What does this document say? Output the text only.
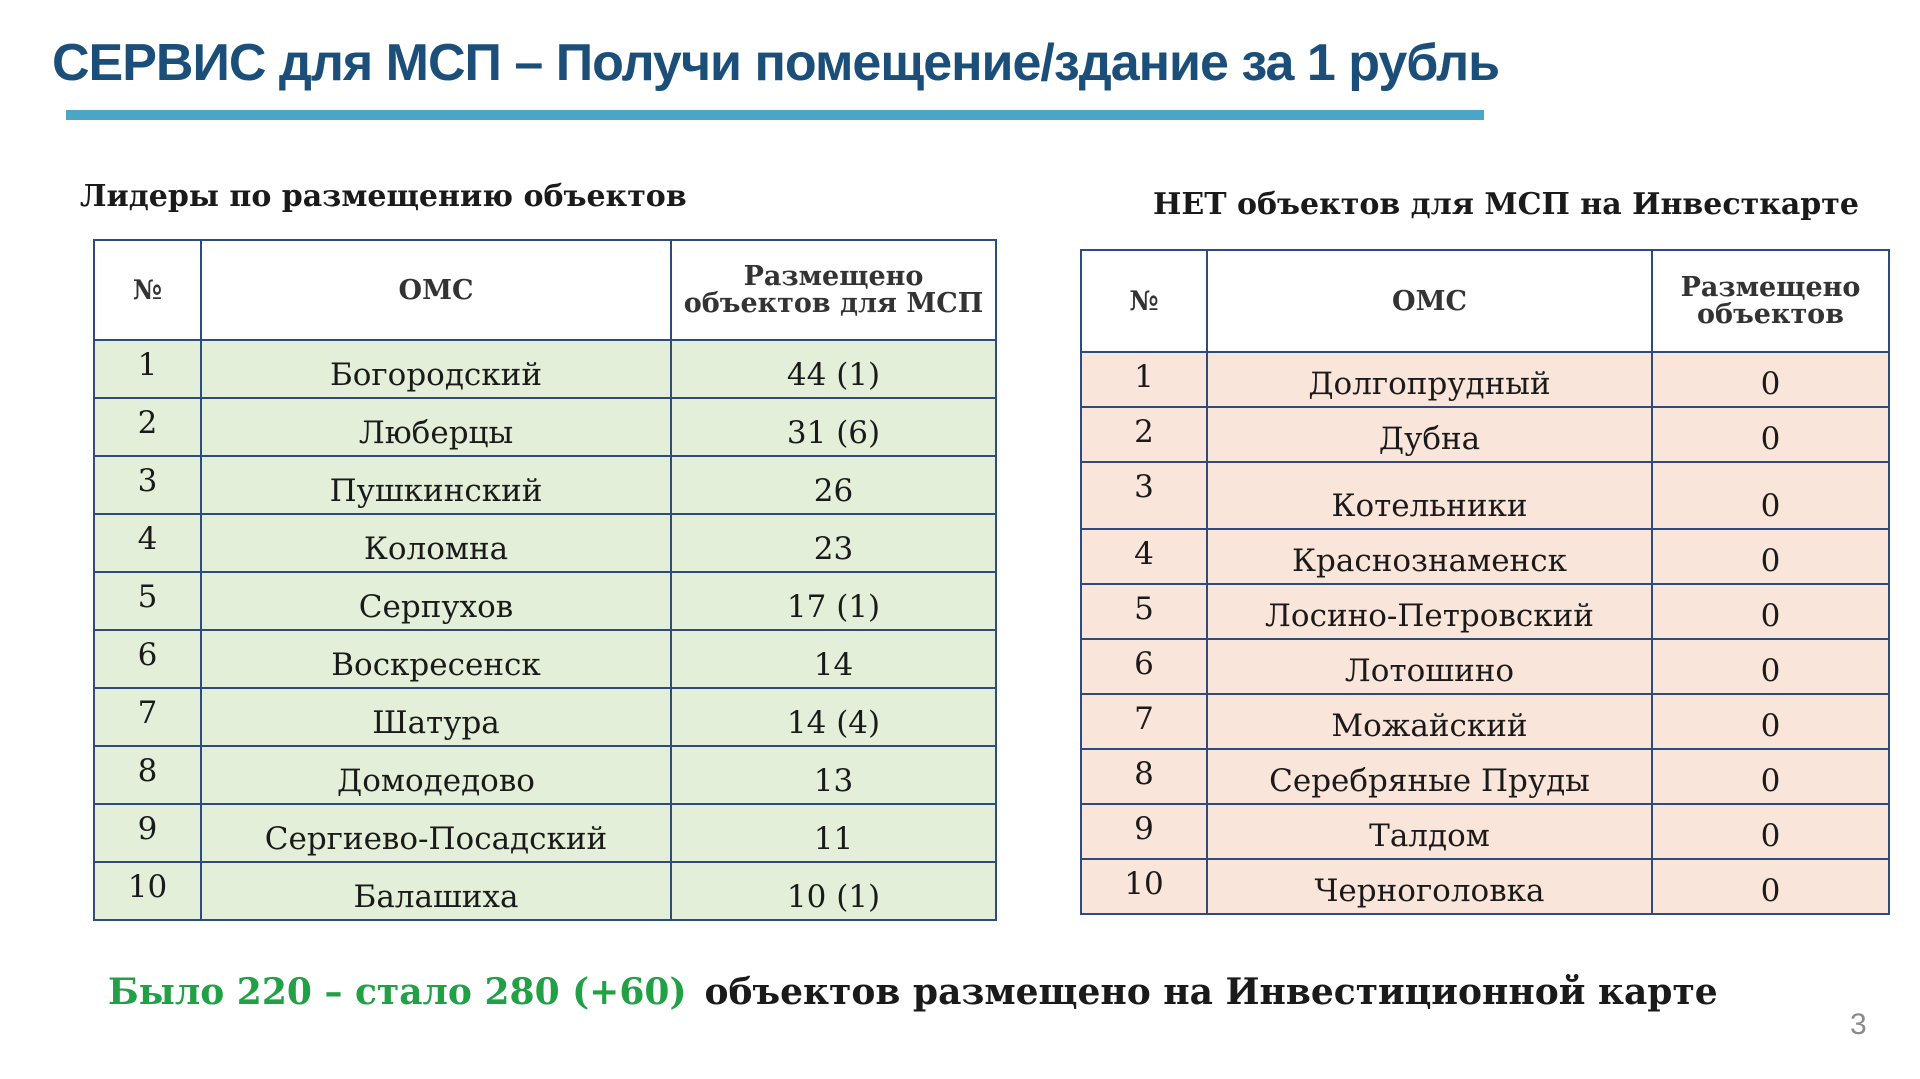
СЕРВИС для МСП – Получи помещение/здание за 1 рубль
Лидеры по размещению объектов	НЕТ объектов для МСП на Инвесткарте
№	ОМС	Размещено объектов для МСП
1	Богородский	44 (1)
2	Люберцы	31 (6)
3	Пушкинский	26
4	Коломна	23
5	Серпухов	17 (1)
6	Воскресенск	14
7	Шатура	14 (4)
8	Домодедово	13
9	Сергиево-Посадский	11
10	Балашиха	10 (1)
№	ОМС	Размещено объектов
1	Долгопрудный	0
2	Дубна	0
3	Котельники	0
4	Краснознаменск	0
5	Лосино-Петровский	0
6	Лотошино	0
7	Можайский	0
8	Серебряные Пруды	0
9	Талдом	0
10	Черноголовка	0
Было 220 – стало 280 (+60) объектов размещено на Инвестиционной карте
3
